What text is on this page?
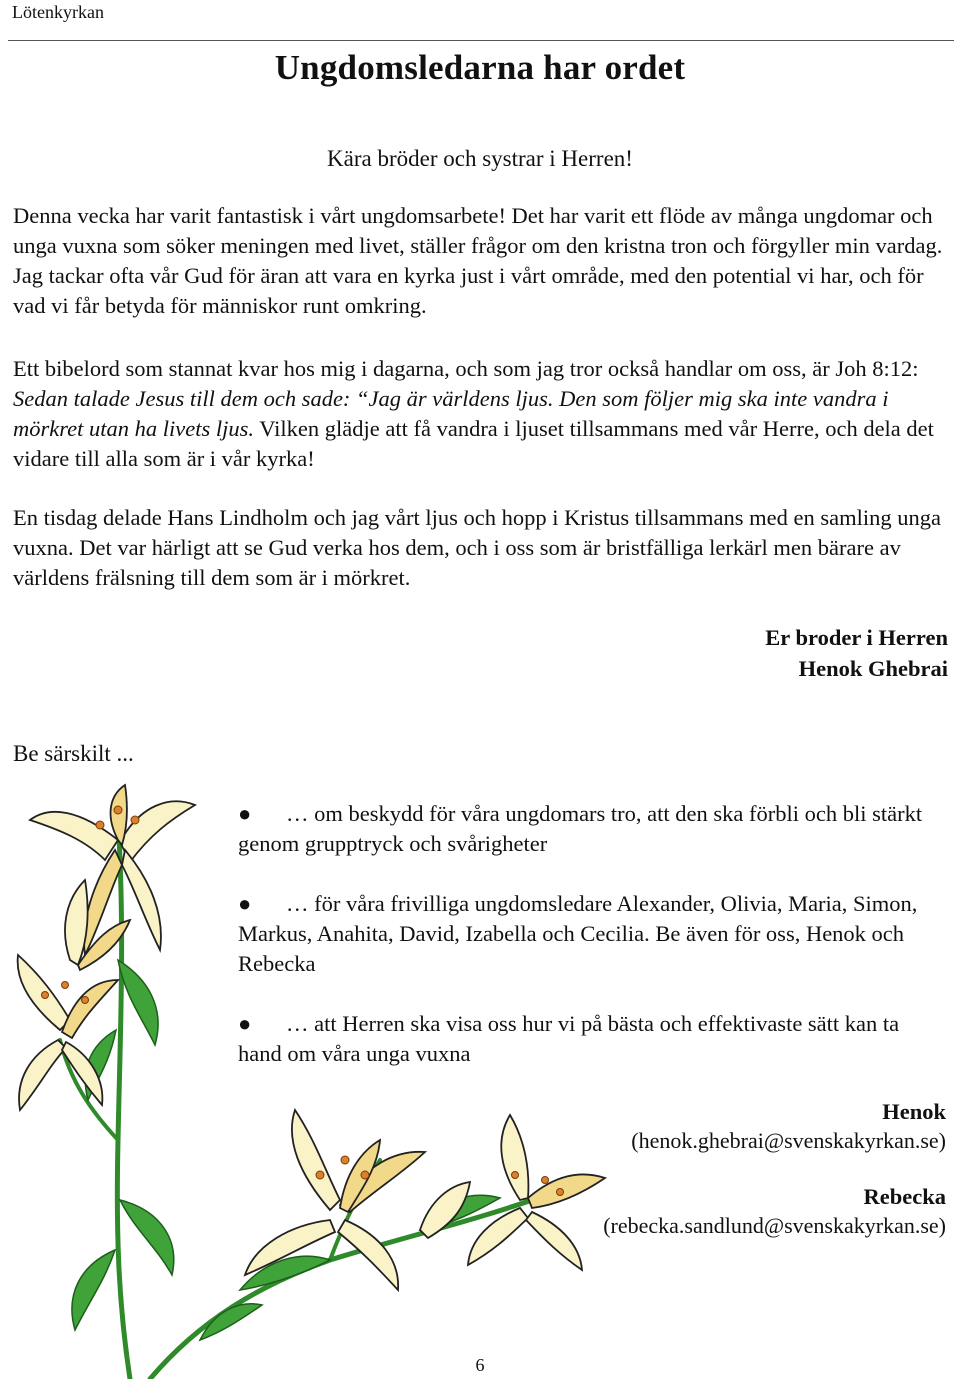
Lötenkyrkan
Ungdomsledarna har ordet
Kära bröder och systrar i Herren!
Denna vecka har varit fantastisk i vårt ungdomsarbete! Det har varit ett flöde av många ungdomar och unga vuxna som söker meningen med livet, ställer frågor om den kristna tron och förgyller min vardag. Jag tackar ofta vår Gud för äran att vara en kyrka just i vårt område, med den potential vi har, och för vad vi får betyda för människor runt omkring.
Ett bibelord som stannat kvar hos mig i dagarna, och som jag tror också handlar om oss, är Joh 8:12: Sedan talade Jesus till dem och sade: “Jag är världens ljus. Den som följer mig ska inte vandra i mörkret utan ha livets ljus. Vilken glädje att få vandra i ljuset tillsammans med vår Herre, och dela det vidare till alla som är i vår kyrka!
En tisdag delade Hans Lindholm och jag vårt ljus och hopp i Kristus tillsammans med en samling unga vuxna. Det var härligt att se Gud verka hos dem, och i oss som är bristfälliga lerkärl men bärare av världens frälsning till dem som är i mörkret.
Er broder i Herren
Henok Ghebrai
Be särskilt ...
● … om beskydd för våra ungdomars tro, att den ska förbli och bli stärkt genom grupptryck och svårigheter
● … för våra frivilliga ungdomsledare Alexander, Olivia, Maria, Simon, Markus, Anahita, David, Izabella och Cecilia. Be även för oss, Henok och Rebecka
● … att Herren ska visa oss hur vi på bästa och effektivaste sätt kan ta hand om våra unga vuxna
Henok
(henok.ghebrai@svenskakyrkan.se)
Rebecka
(rebecka.sandlund@svenskakyrkan.se)
6
